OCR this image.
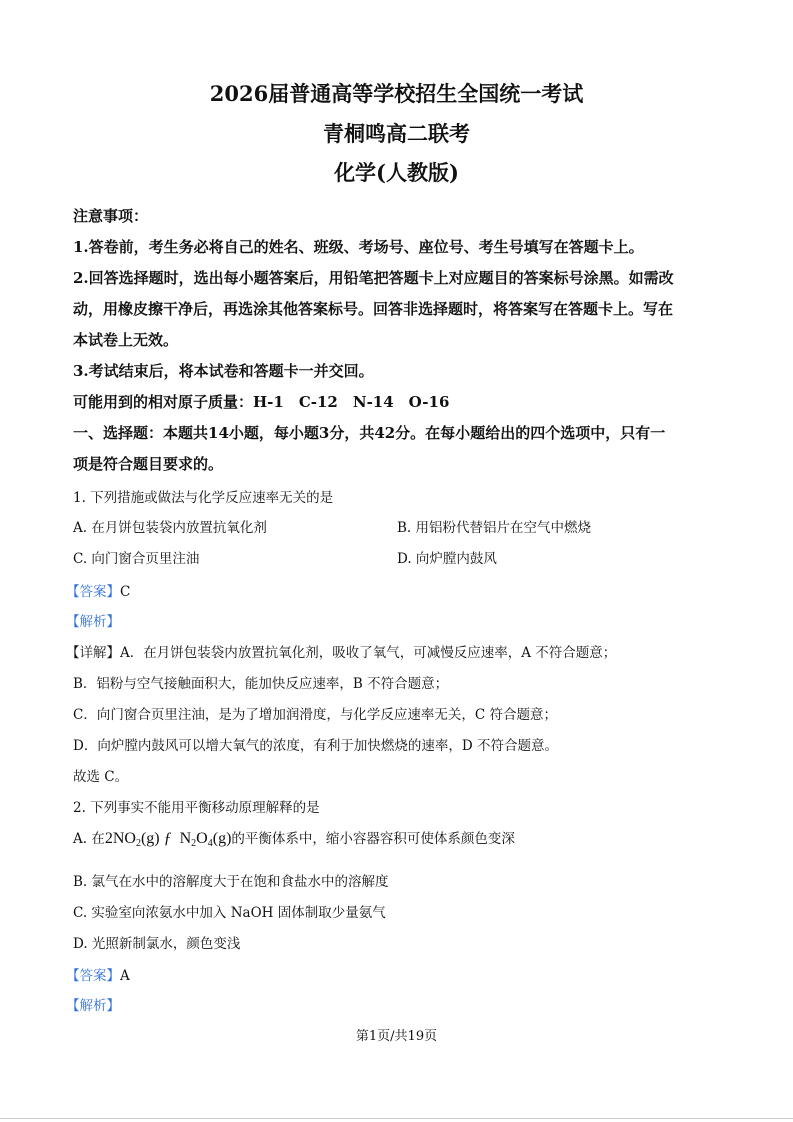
2026届普通高等学校招生全国统一考试
青桐鸣高二联考
化学(人教版)
注意事项：
1.答卷前，考生务必将自己的姓名、班级、考场号、座位号、考生号填写在答题卡上。
2.回答选择题时，选出每小题答案后，用铅笔把答题卡上对应题目的答案标号涂黑。如需改
动，用橡皮擦干净后，再选涂其他答案标号。回答非选择题时，将答案写在答题卡上。写在
本试卷上无效。
3.考试结束后，将本试卷和答题卡一并交回。
可能用到的相对原子质量：H-1　C-12　N-14　O-16
一、选择题：本题共14小题，每小题3分，共42分。在每小题给出的四个选项中，只有一
项是符合题目要求的。
1. 下列措施或做法与化学反应速率无关的是
A. 在月饼包装袋内放置抗氧化剂	B. 用铝粉代替铝片在空气中燃烧
C. 向门窗合页里注油	D. 向炉膛内鼓风
【答案】C
【解析】
【详解】A．在月饼包装袋内放置抗氧化剂，吸收了氧气，可减慢反应速率，A 不符合题意；
B．铝粉与空气接触面积大，能加快反应速率，B 不符合题意；
C．向门窗合页里注油，是为了增加润滑度，与化学反应速率无关，C 符合题意；
D．向炉膛内鼓风可以增大氧气的浓度，有利于加快燃烧的速率，D 不符合题意。
故选 C。
2. 下列事实不能用平衡移动原理解释的是
A. 在2NO2(g) ƒ N2O4(g)的平衡体系中，缩小容器容积可使体系颜色变深
B. 氯气在水中的溶解度大于在饱和食盐水中的溶解度
C. 实验室向浓氨水中加入 NaOH 固体制取少量氨气
D. 光照新制氯水，颜色变浅
【答案】A
【解析】
第1页/共19页
